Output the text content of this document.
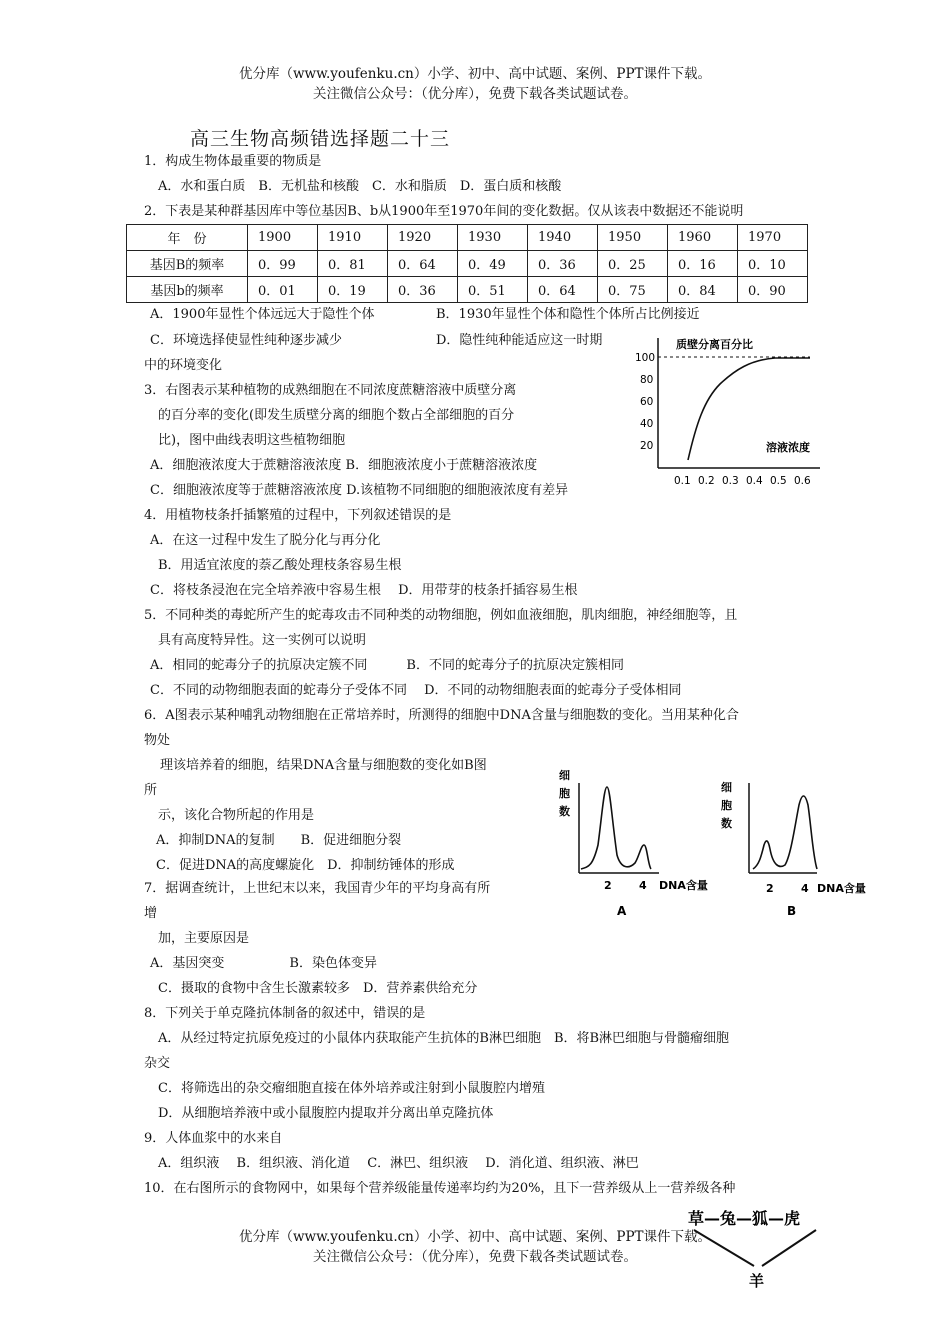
优分库（www.youfenku.cn）小学、初中、高中试题、案例、PPT课件下载。
关注微信公众号：（优分库），免费下载各类试题试卷。
高三生物高频错选择题二十三
1．构成生物体最重要的物质是
A．水和蛋白质　B．无机盐和核酸　C．水和脂质　D．蛋白质和核酸
2．下表是某种群基因库中等位基因B、b从1900年至1970年间的变化数据。仅从该表中数据还不能说明
年　份	1900	1910	1920	1930	1940	1950	1960	1970
基因B的频率	0．99	0．81	0．64	0．49	0．36	0．25	0．16	0．10
基因b的频率	0．01	0．19	0．36	0．51	0．64	0．75	0．84	0．90
A．1900年显性个体远远大于隐性个体	B．1930年显性个体和隐性个体所占比例接近
C．环境选择使显性纯种逐步减少	D．隐性纯种能适应这一时期
中的环境变化
3．右图表示某种植物的成熟细胞在不同浓度蔗糖溶液中质壁分离
的百分率的变化(即发生质壁分离的细胞个数占全部细胞的百分
比)，图中曲线表明这些植物细胞
A．细胞液浓度大于蔗糖溶液浓度 B．细胞液浓度小于蔗糖溶液浓度
C．细胞液浓度等于蔗糖溶液浓度 D.该植物不同细胞的细胞液浓度有差异
质壁分离百分比
100
80
60
40
20	溶液浓度
0.1 0.2 0.3 0.4 0.5 0.6
4．用植物枝条扦插繁殖的过程中，下列叙述错误的是
A．在这一过程中发生了脱分化与再分化
B．用适宜浓度的萘乙酸处理枝条容易生根
C．将枝条浸泡在完全培养液中容易生根　 D．用带芽的枝条扦插容易生根
5．不同种类的毒蛇所产生的蛇毒攻击不同种类的动物细胞，例如血液细胞，肌肉细胞，神经细胞等，且
具有高度特异性。这一实例可以说明
A．相同的蛇毒分子的抗原决定簇不同　　　B．不同的蛇毒分子的抗原决定簇相同
C．不同的动物细胞表面的蛇毒分子受体不同　 D．不同的动物细胞表面的蛇毒分子受体相同
6．A图表示某种哺乳动物细胞在正常培养时，所测得的细胞中DNA含量与细胞数的变化。当用某种化合
物处
理该培养着的细胞，结果DNA含量与细胞数的变化如B图
所
示，该化合物所起的作用是
A．抑制DNA的复制　　B．促进细胞分裂
C．促进DNA的高度螺旋化　D．抑制纺锤体的形成
细
胞
数
2 4 DNA含量
A
细
胞
数
2 4 DNA含量
B
7．据调查统计，上世纪末以来，我国青少年的平均身高有所
增
加，主要原因是
A．基因突变　　　　　B．染色体变异
C．摄取的食物中含生长激素较多　D．营养素供给充分
8．下列关于单克隆抗体制备的叙述中，错误的是
A．从经过特定抗原免疫过的小鼠体内获取能产生抗体的B淋巴细胞　B．将B淋巴细胞与骨髓瘤细胞
杂交
C．将筛选出的杂交瘤细胞直接在体外培养或注射到小鼠腹腔内增殖
D．从细胞培养液中或小鼠腹腔内提取并分离出单克隆抗体
9．人体血浆中的水来自
A．组织液　 B．组织液、消化道　 C．淋巴、组织液　 D．消化道、组织液、淋巴
10．在右图所示的食物网中，如果每个营养级能量传递率均约为20%，且下一营养级从上一营养级各种
草—兔—狐—虎
羊
优分库（www.youfenku.cn）小学、初中、高中试题、案例、PPT课件下载。
关注微信公众号：（优分库），免费下载各类试题试卷。
